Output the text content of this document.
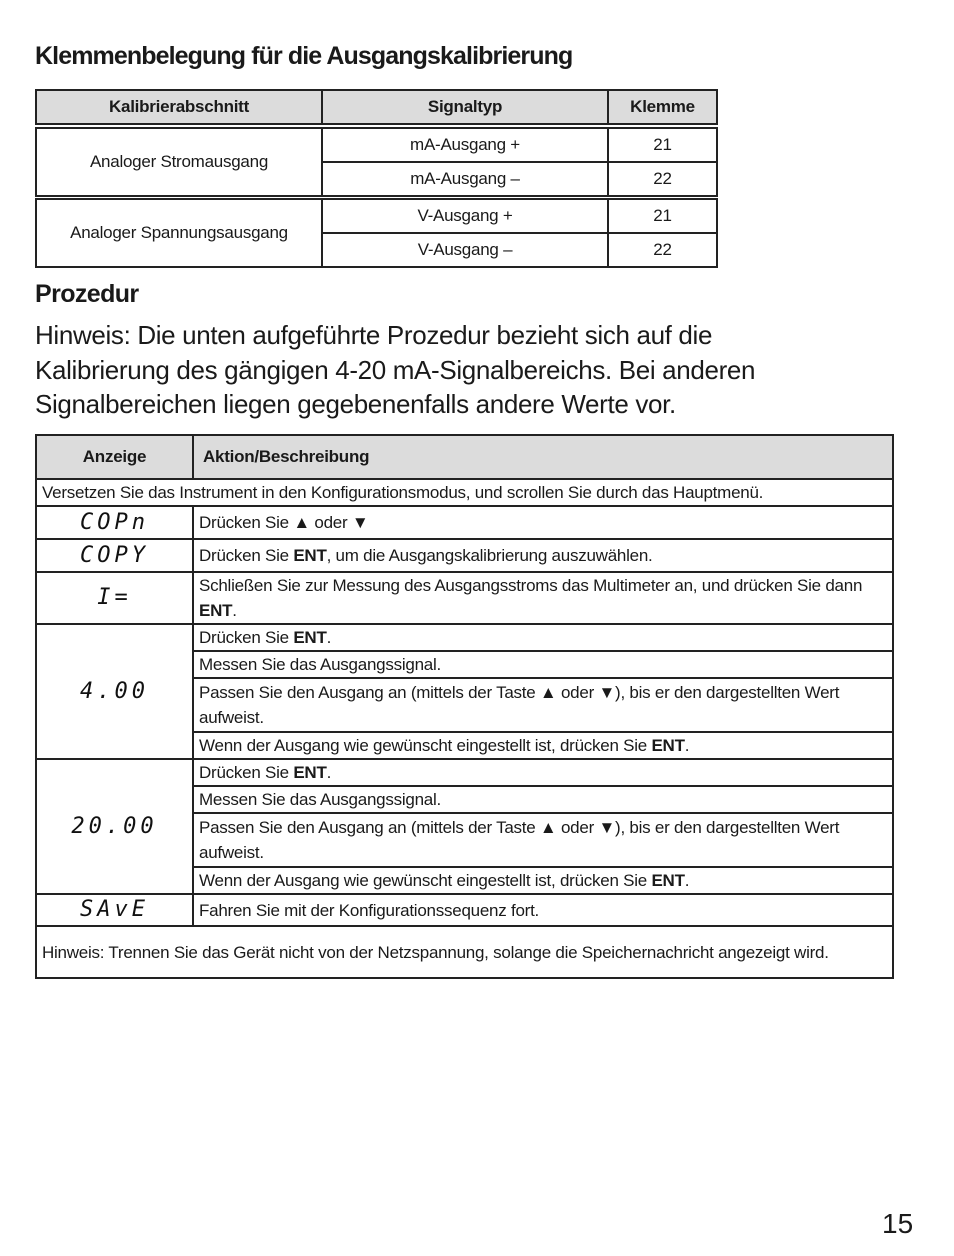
Klemmenbelegung für die Ausgangskalibrierung
Kalibrierabschnitt	Signaltyp	Klemme

Analoger Stromausgang	mA-Ausgang +	21
	mA-Ausgang –	22

Analoger Spannungsausgang	V-Ausgang +	21
	V-Ausgang –	22
Prozedur

Hinweis: Die unten aufgeführte Prozedur bezieht sich auf die

Kalibrierung des gängigen 4-20 mA-Signalbereichs. Bei anderen

Signalbereichen liegen gegebenenfalls andere Werte vor.

Anzeige	Aktion/Beschreibung
Versetzen Sie das Instrument in den Konfigurationsmodus, und scrollen Sie durch das Hauptmenü.	
COPn	Drücken Sie ▲ oder ▼
COPY	Drücken Sie ENT, um die Ausgangskalibrierung auszuwählen.
I=	Schließen Sie zur Messung des Ausgangsstroms das Multimeter an, und drücken Sie dann ENT.
4.00	Drücken Sie ENT.
	Messen Sie das Ausgangssignal.
	Passen Sie den Ausgang an (mittels der Taste ▲ oder ▼), bis er den dargestellten Wert aufweist.
	Wenn der Ausgang wie gewünscht eingestellt ist, drücken Sie ENT.
20.00	Drücken Sie ENT.
	Messen Sie das Ausgangssignal.
	Passen Sie den Ausgang an (mittels der Taste ▲ oder ▼), bis er den dargestellten Wert aufweist.
	Wenn der Ausgang wie gewünscht eingestellt ist, drücken Sie ENT.
SAvE	Fahren Sie mit der Konfigurationssequenz fort.
Hinweis: Trennen Sie das Gerät nicht von der Netzspannung, solange die Speichernachricht angezeigt wird.	
15
